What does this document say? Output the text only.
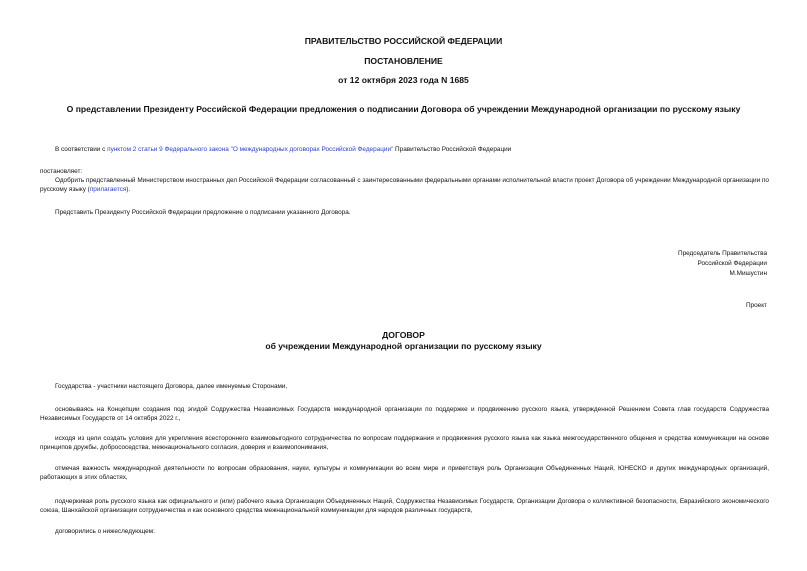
ПРАВИТЕЛЬСТВО РОССИЙСКОЙ ФЕДЕРАЦИИ
ПОСТАНОВЛЕНИЕ
от 12 октября 2023 года N 1685
О представлении Президенту Российской Федерации предложения о подписании Договора об учреждении Международной организации по русскому языку
В соответствии с пунктом 2 статьи 9 Федерального закона "О международных договорах Российской Федерации" Правительство Российской Федерации
постановляет:
Одобрить представленный Министерством иностранных дел Российской Федерации согласованный с заинтересованными федеральными органами исполнительной власти проект Договора об учреждении Международной организации по русскому языку (прилагается).
Представить Президенту Российской Федерации предложение о подписании указанного Договора.
Председатель Правительства
Российской Федерации
М.Мишустин
Проект
ДОГОВОР
об учреждении Международной организации по русскому языку
Государства - участники настоящего Договора, далее именуемые Сторонами,
основываясь на Концепции создания под эгидой Содружества Независимых Государств международной организации по поддержке и продвижению русского языка, утвержденной Решением Совета глав государств Содружества Независимых Государств от 14 октября 2022 г.,
исходя из цели создать условия для укрепления всестороннего взаимовыгодного сотрудничества по вопросам поддержания и продвижения русского языка как языка межгосударственного общения и средства коммуникации на основе принципов дружбы, добрососедства, межнационального согласия, доверия и взаимопонимания,
отмечая важность международной деятельности по вопросам образования, науки, культуры и коммуникации во всем мире и приветствуя роль Организации Объединенных Наций, ЮНЕСКО и других международных организаций, работающих в этих областях,
подчеркивая роль русского языка как официального и (или) рабочего языка Организации Объединенных Наций, Содружества Независимых Государств, Организации Договора о коллективной безопасности, Евразийского экономического союза, Шанхайской организации сотрудничества и как основного средства межнациональной коммуникации для народов различных государств,
договорились о нижеследующем:
